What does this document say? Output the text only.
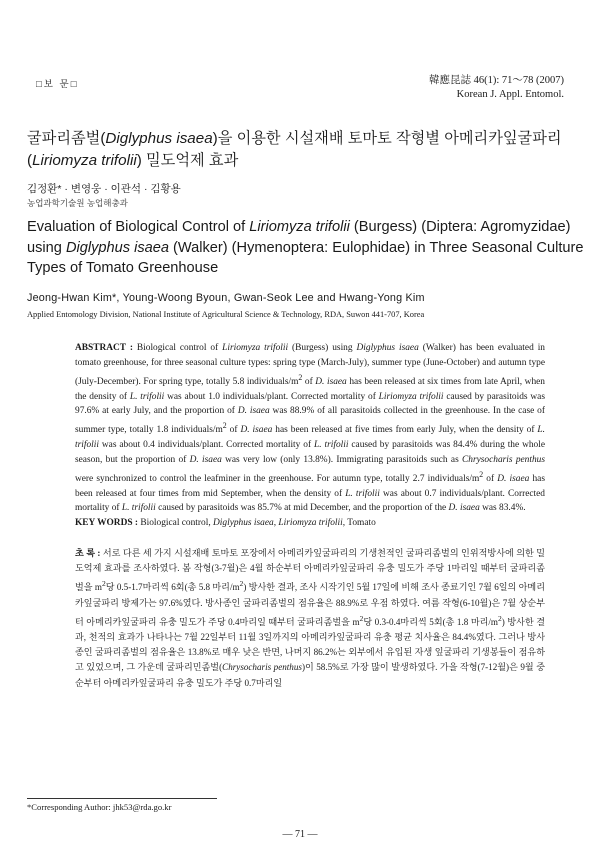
□보 문□	韓應昆誌 46(1): 71～78 (2007)
Korean J. Appl. Entomol.
굴파리좀벌(Diglyphus isaea)을 이용한 시설재배 토마토 작형별 아메리카잎굴파리
(Liriomyza trifolii) 밀도억제 효과
김정환* · 변영웅 · 이관석 · 김황용
농업과학기술원 농업해충과
Evaluation of Biological Control of Liriomyza trifolii (Burgess) (Diptera: Agromyzidae) using Diglyphus isaea (Walker) (Hymenoptera: Eulophidae) in Three Seasonal Culture Types of Tomato Greenhouse
Jeong-Hwan Kim*, Young-Woong Byoun, Gwan-Seok Lee and Hwang-Yong Kim
Applied Entomology Division, National Institute of Agricultural Science & Technology, RDA, Suwon 441-707, Korea
ABSTRACT : Biological control of Liriomyza trifolii (Burgess) using Diglyphus isaea (Walker) has been evaluated in tomato greenhouse, for three seasonal culture types: spring type (March-July), summer type (June-October) and autumn type (July-December). For spring type, totally 5.8 individuals/$m^2$ of D. isaea has been released at six times from late April, when the density of L. trifolii was about 1.0 individuals/plant. Corrected mortality of Liriomyza trifolii caused by parasitoids was 97.6% at early July, and the proportion of D. isaea was 88.9% of all parasitoids collected in the greenhouse. In the case of summer type, totally 1.8 individuals/$m^2$ of D. isaea has been released at five times from early July, when the density of L. trifolii was about 0.4 individuals/plant. Corrected mortality of L. trifolii caused by parasitoids was 84.4% during the whole season, but the proportion of D. isaea was very low (only 13.8%). Immigrating parasitoids such as Chrysocharis penthus were synchronized to control the leafminer in the greenhouse. For autumn type, totally 2.7 individuals/$m^2$ of D. isaea has been released at four times from mid September, when the density of L. trifolii was about 0.7 individuals/plant. Corrected mortality of L. trifolii caused by parasitoids was 85.7% at mid December, and the proportion of the D. isaea was 83.4%.
KEY WORDS : Biological control, Diglyphus isaea, Liriomyza trifolii, Tomato
초 록 : 서로 다른 세 가지 시설재배 토마토 포장에서 아메리카잎굴파리의 기생천적인 굴파리좀벌의 인위적방사에 의한 밀도억제 효과를 조사하였다. 봄 작형(3-7월)은 4월 하순부터 아메리카잎굴파리 유충 밀도가 주당 1마리일 때부터 굴파리좀벌을 $m^2$당 0.5-1.7마리씩 6회(총 5.8 마리$/m^2$) 방사한 결과, 조사 시작기인 5월 17일에 비해 조사 종료기인 7월 6일의 아메리카잎굴파리 방제가는 97.6%였다. 방사종인 굴파리좀벌의 점유율은 88.9%로 우점 하였다. 여름 작형(6-10월)은 7월 상순부터 아메리카잎굴파리 유충 밀도가 주당 0.4마리일 때부터 굴파리좀벌을 $m^2$당 0.3-0.4마리씩 5회(총 1.8 마리$/m^2$) 방사한 결과, 천적의 효과가 나타나는 7월 22일부터 11월 3일까지의 아메리카잎굴파리 유충 평균 치사율은 84.4%였다. 그러나 방사종인 굴파리좀벌의 점유율은 13.8%로 매우 낮은 반면, 나머지 86.2%는 외부에서 유입된 자생 잎굴파리 기생봉들이 점유하고 있었으며, 그 가운데 굴파리민좀벌(Chrysocharis penthus)이 58.5%로 가장 많이 발생하였다. 가을 작형(7-12월)은 9월 중순부터 아메리카잎굴파리 유충 밀도가 주당 0.7마리일
*Corresponding Author: jhk53@rda.go.kr
— 71 —
